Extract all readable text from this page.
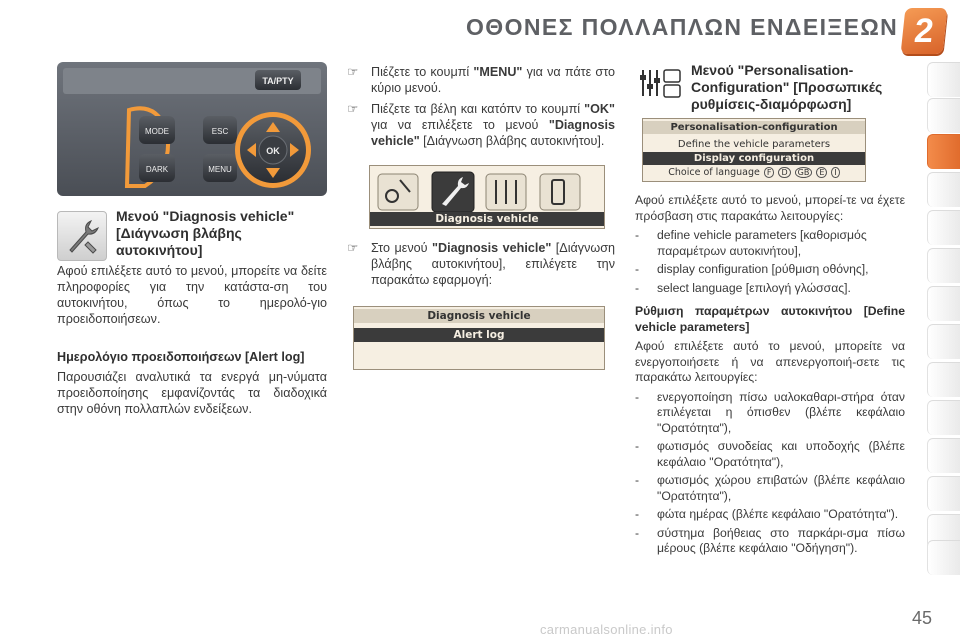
ΟΘΟΝΕΣ ΠΟΛΛΑΠΛΩΝ ΕΝΔΕΙΞΕΩΝ 2
TA/PTY
MODE
DARK
ESC
MENU
OK
Μενού "Diagnosis vehicle" [Διάγνωση βλάβης αυτοκινήτου]

Αφού επιλέξετε αυτό το μενού, μπορείτε να δείτε πληροφορίες για την κατάστα-ση του αυτοκινήτου, όπως το ημερολό-γιο προειδοποιήσεων.

Ημερολόγιο προειδοποιήσεων [Alert log]

Παρουσιάζει αναλυτικά τα ενεργά μη-νύματα προειδοποίησης εμφανίζοντάς τα διαδοχικά στην οθόνη πολλαπλών ενδείξεων.

☞	Πιέζετε το κουμπί "MENU" για να πάτε στο κύριο μενού.
☞	Πιέζετε τα βέλη και κατόπν το κουμπί "OK" για να επιλέξετε το μενού "Diagnosis vehicle" [Διάγνωση βλάβης αυτοκινήτου].
Diagnosis vehicle
☞	Στο μενού "Diagnosis vehicle" [Διάγνωση βλάβης αυτοκινήτου], επιλέγετε την παρακάτω εφαρμογή:
Diagnosis vehicle
Alert log
Μενού "Personalisation-Configuration" [Προσωπικές ρυθμίσεις-διαμόρφωση]
Personalisation-configuration
Define the vehicle parameters
Display configuration
Choice of language F	D	GB	E	I

Αφού επιλέξετε αυτό το μενού, μπορεί-τε να έχετε πρόσβαση στις παρακάτω λειτουργίες:

-	define vehicle parameters [καθορισμός παραμέτρων αυτοκινήτου],
-	display configuration [ρύθμιση οθόνης],
-	select language [επιλογή γλώσσας].

Ρύθμιση παραμέτρων αυτοκινήτου [Define vehicle parameters]

Αφού επιλέξετε αυτό το μενού, μπορείτε να ενεργοποιήσετε ή να απενεργοποιή-σετε τις παρακάτω λειτουργίες:

-	ενεργοποίηση πίσω υαλοκαθαρι-στήρα όταν επιλέγεται η όπισθεν (βλέπε κεφάλαιο "Ορατότητα"),
-	φωτισμός συνοδείας και υποδοχής (βλέπε κεφάλαιο "Ορατότητα"),
-	φωτισμός χώρου επιβατών (βλέπε κεφάλαιο "Ορατότητα"),
-	φώτα ημέρας (βλέπε κεφάλαιο "Ορατότητα").
-	σύστημα βοήθειας στο παρκάρι-σμα πίσω μέρους (βλέπε κεφάλαιο "Οδήγηση").
45
carmanualsonline.info
